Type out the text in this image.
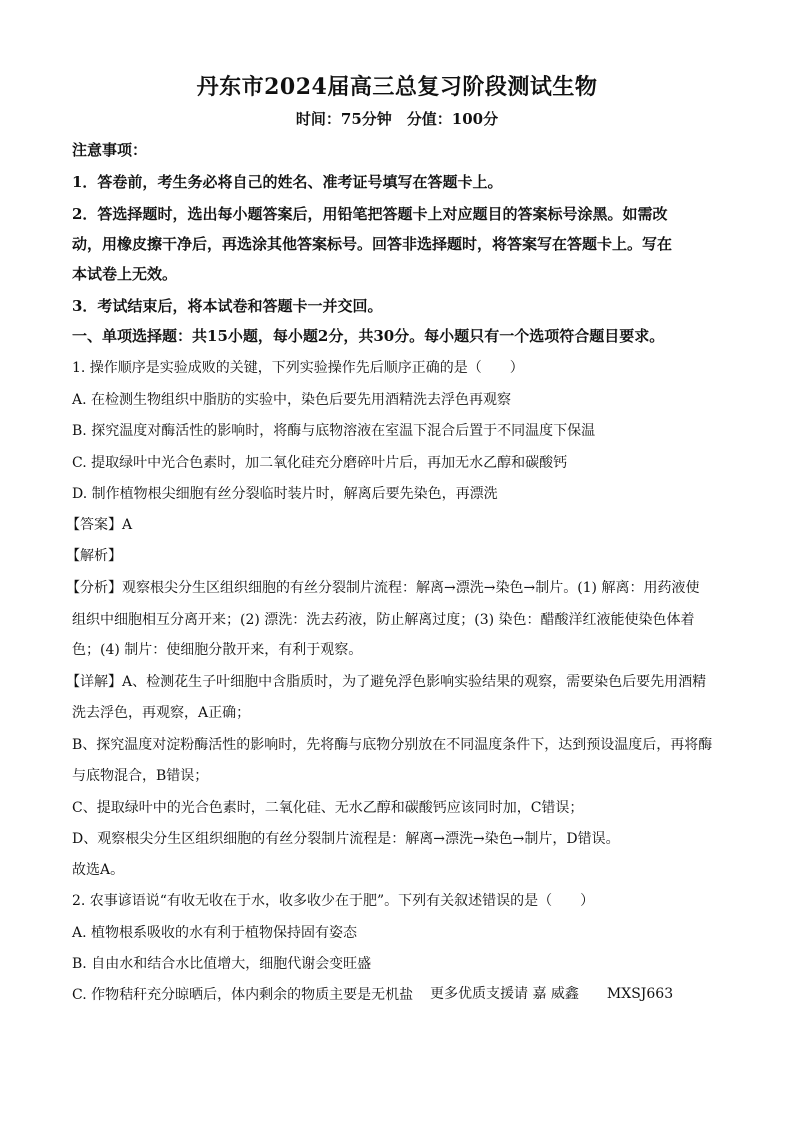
丹东市2024届高三总复习阶段测试生物
时间：75分钟　分值：100分
注意事项：
1．答卷前，考生务必将自己的姓名、准考证号填写在答题卡上。
2．答选择题时，选出每小题答案后，用铅笔把答题卡上对应题目的答案标号涂黑。如需改
动，用橡皮擦干净后，再选涂其他答案标号。回答非选择题时，将答案写在答题卡上。写在
本试卷上无效。
3．考试结束后，将本试卷和答题卡一并交回。
一、单项选择题：共15小题，每小题2分，共30分。每小题只有一个选项符合题目要求。
1. 操作顺序是实验成败的关键，下列实验操作先后顺序正确的是（　　）
A. 在检测生物组织中脂肪的实验中，染色后要先用酒精洗去浮色再观察
B. 探究温度对酶活性的影响时，将酶与底物溶液在室温下混合后置于不同温度下保温
C. 提取绿叶中光合色素时，加二氧化硅充分磨碎叶片后，再加无水乙醇和碳酸钙
D. 制作植物根尖细胞有丝分裂临时装片时，解离后要先染色，再漂洗
【答案】A
【解析】
【分析】观察根尖分生区组织细胞的有丝分裂制片流程：解离→漂洗→染色→制片。(1) 解离：用药液使
组织中细胞相互分离开来；(2) 漂洗：洗去药液，防止解离过度；(3) 染色：醋酸洋红液能使染色体着
色；(4) 制片：使细胞分散开来，有利于观察。
【详解】A、检测花生子叶细胞中含脂质时，为了避免浮色影响实验结果的观察，需要染色后要先用酒精
洗去浮色，再观察，A正确；
B、探究温度对淀粉酶活性的影响时，先将酶与底物分别放在不同温度条件下，达到预设温度后，再将酶
与底物混合，B错误；
C、提取绿叶中的光合色素时，二氧化硅、无水乙醇和碳酸钙应该同时加，C错误；
D、观察根尖分生区组织细胞的有丝分裂制片流程是：解离→漂洗→染色→制片，D错误。
故选A。
2. 农事谚语说“有收无收在于水，收多收少在于肥”。下列有关叙述错误的是（　　）
A. 植物根系吸收的水有利于植物保持固有姿态
B. 自由水和结合水比值增大，细胞代谢会变旺盛
C. 作物秸秆充分晾晒后，体内剩余的物质主要是无机盐	更多优质支援请 嘉 威鑫　　MXSJ663
